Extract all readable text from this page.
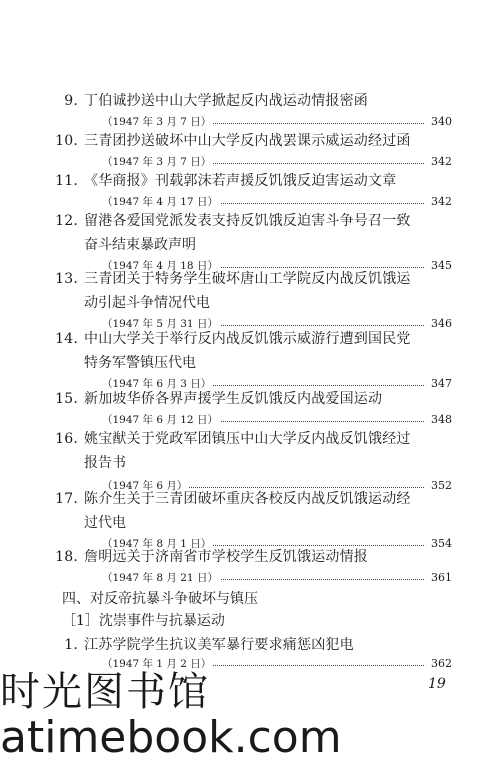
9. 丁伯诚抄送中山大学掀起反内战运动情报密函
（1947 年 3 月 7 日）	340
10. 三青团抄送破坏中山大学反内战罢课示威运动经过函
（1947 年 3 月 7 日）	342
11. 《华商报》刊载郭沫若声援反饥饿反迫害运动文章
（1947 年 4 月 17 日）	342
12. 留港各爱国党派发表支持反饥饿反迫害斗争号召一致
奋斗结束暴政声明
（1947 年 4 月 18 日）	345
13. 三青团关于特务学生破坏唐山工学院反内战反饥饿运
动引起斗争情况代电
（1947 年 5 月 31 日）	346
14. 中山大学关于举行反内战反饥饿示威游行遭到国民党
特务军警镇压代电
（1947 年 6 月 3 日）	347
15. 新加坡华侨各界声援学生反饥饿反内战爱国运动
（1947 年 6 月 12 日）	348
16. 姚宝猷关于党政军团镇压中山大学反内战反饥饿经过
报告书
（1947 年 6 月）	352
17. 陈介生关于三青团破坏重庆各校反内战反饥饿运动经
过代电
（1947 年 8 月 1 日）	354
18. 詹明远关于济南省市学校学生反饥饿运动情报
（1947 年 8 月 21 日）	361
四、对反帝抗暴斗争破坏与镇压
［1］沈崇事件与抗暴运动
1. 江苏学院学生抗议美军暴行要求痛惩凶犯电
（1947 年 1 月 2 日）	362
19
时光图书馆
atimebook.com
